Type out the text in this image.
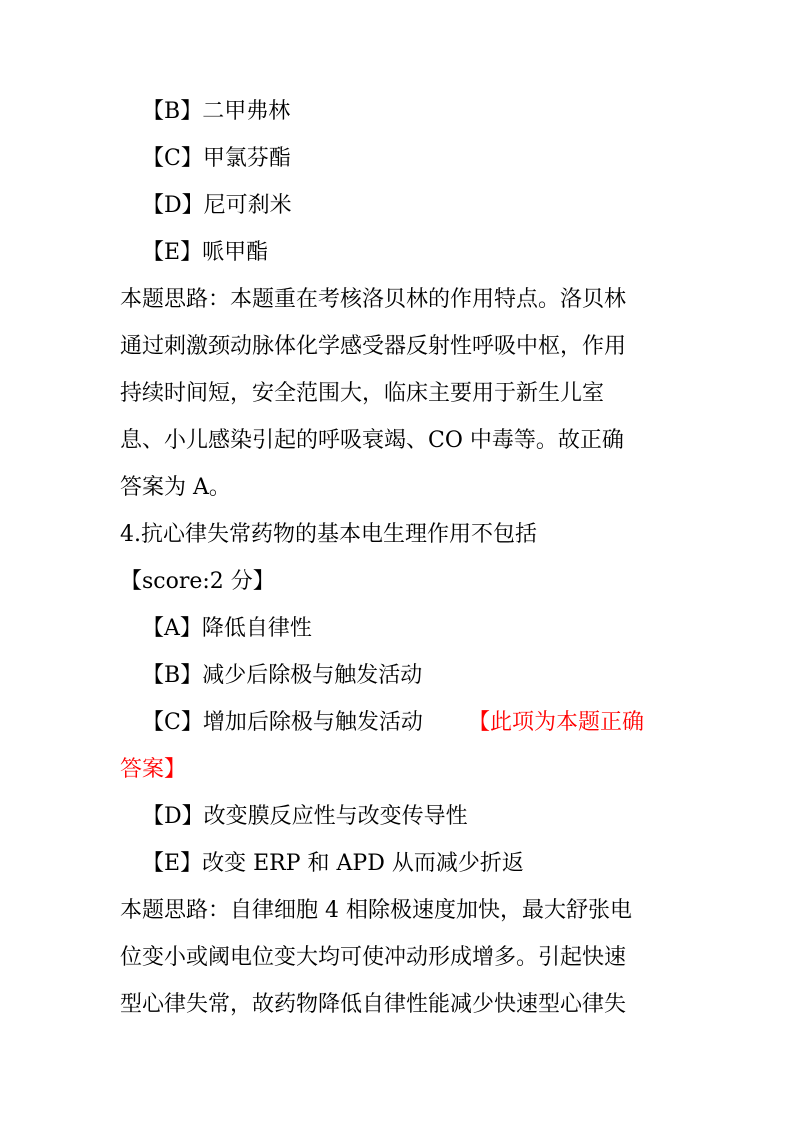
【B】二甲弗林
【C】甲氯芬酯
【D】尼可刹米
【E】哌甲酯
本题思路：本题重在考核洛贝林的作用特点。洛贝林
通过刺激颈动脉体化学感受器反射性呼吸中枢，作用
持续时间短，安全范围大，临床主要用于新生儿室
息、小儿感染引起的呼吸衰竭、CO 中毒等。故正确
答案为 A。
4.抗心律失常药物的基本电生理作用不包括
【score:2 分】
【A】降低自律性
【B】减少后除极与触发活动
【C】增加后除极与触发活动 【此项为本题正确
答案】
【D】改变膜反应性与改变传导性
【E】改变 ERP 和 APD 从而减少折返
本题思路：自律细胞 4 相除极速度加快，最大舒张电
位变小或阈电位变大均可使冲动形成增多。引起快速
型心律失常，故药物降低自律性能减少快速型心律失
